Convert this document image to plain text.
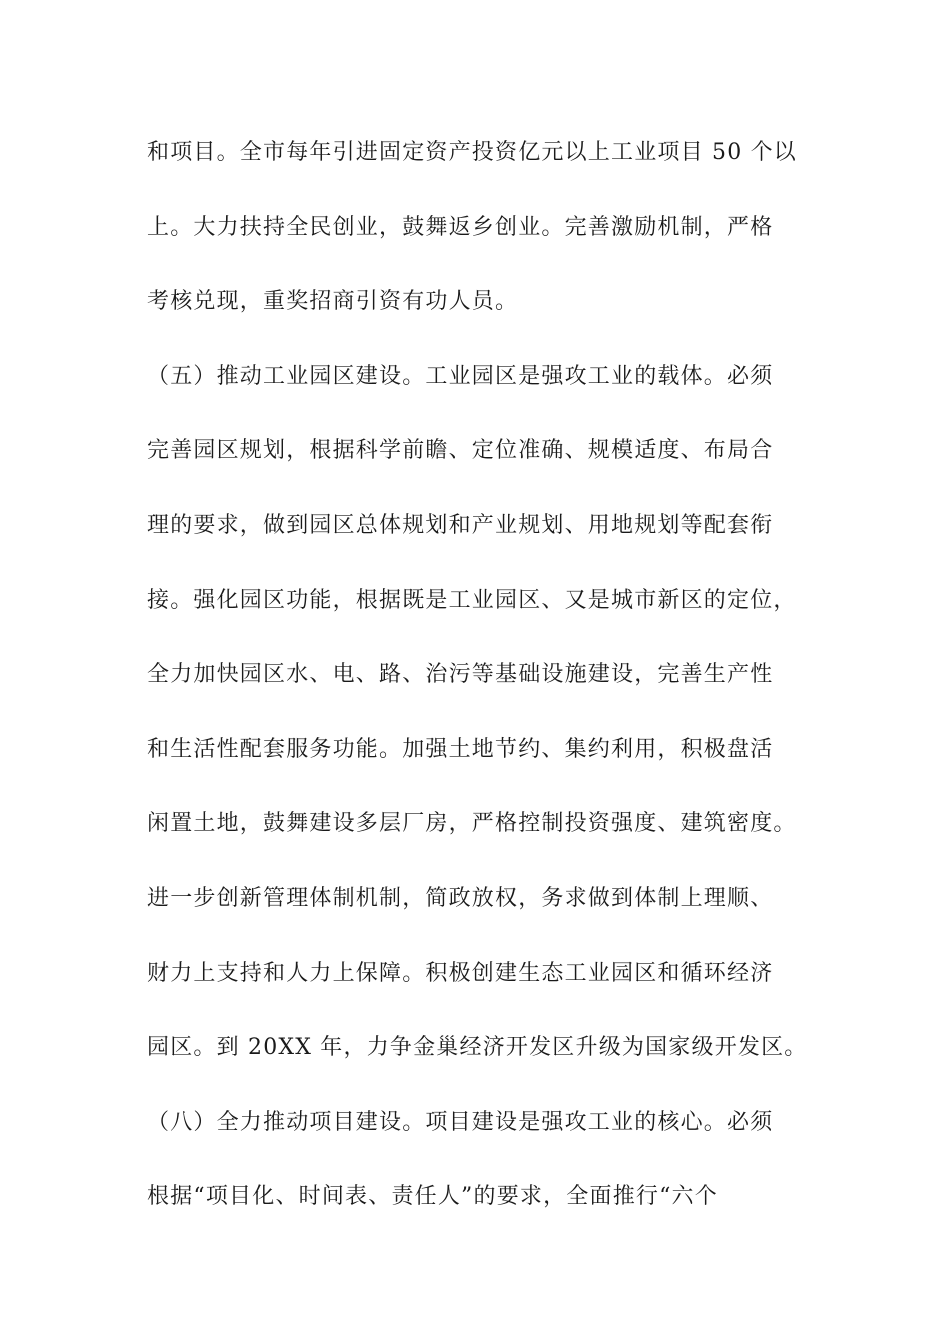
和项目。全市每年引进固定资产投资亿元以上工业项目 50 个以
上。大力扶持全民创业，鼓舞返乡创业。完善激励机制，严格
考核兑现，重奖招商引资有功人员。
（五）推动工业园区建设。工业园区是强攻工业的载体。必须
完善园区规划，根据科学前瞻、定位准确、规模适度、布局合
理的要求，做到园区总体规划和产业规划、用地规划等配套衔
接。强化园区功能，根据既是工业园区、又是城市新区的定位，
全力加快园区水、电、路、治污等基础设施建设，完善生产性
和生活性配套服务功能。加强土地节约、集约利用，积极盘活
闲置土地，鼓舞建设多层厂房，严格控制投资强度、建筑密度。
进一步创新管理体制机制，简政放权，务求做到体制上理顺、
财力上支持和人力上保障。积极创建生态工业园区和循环经济
园区。到 20XX 年，力争金巢经济开发区升级为国家级开发区。
（八）全力推动项目建设。项目建设是强攻工业的核心。必须
根据“项目化、时间表、责任人”的要求，全面推行“六个
